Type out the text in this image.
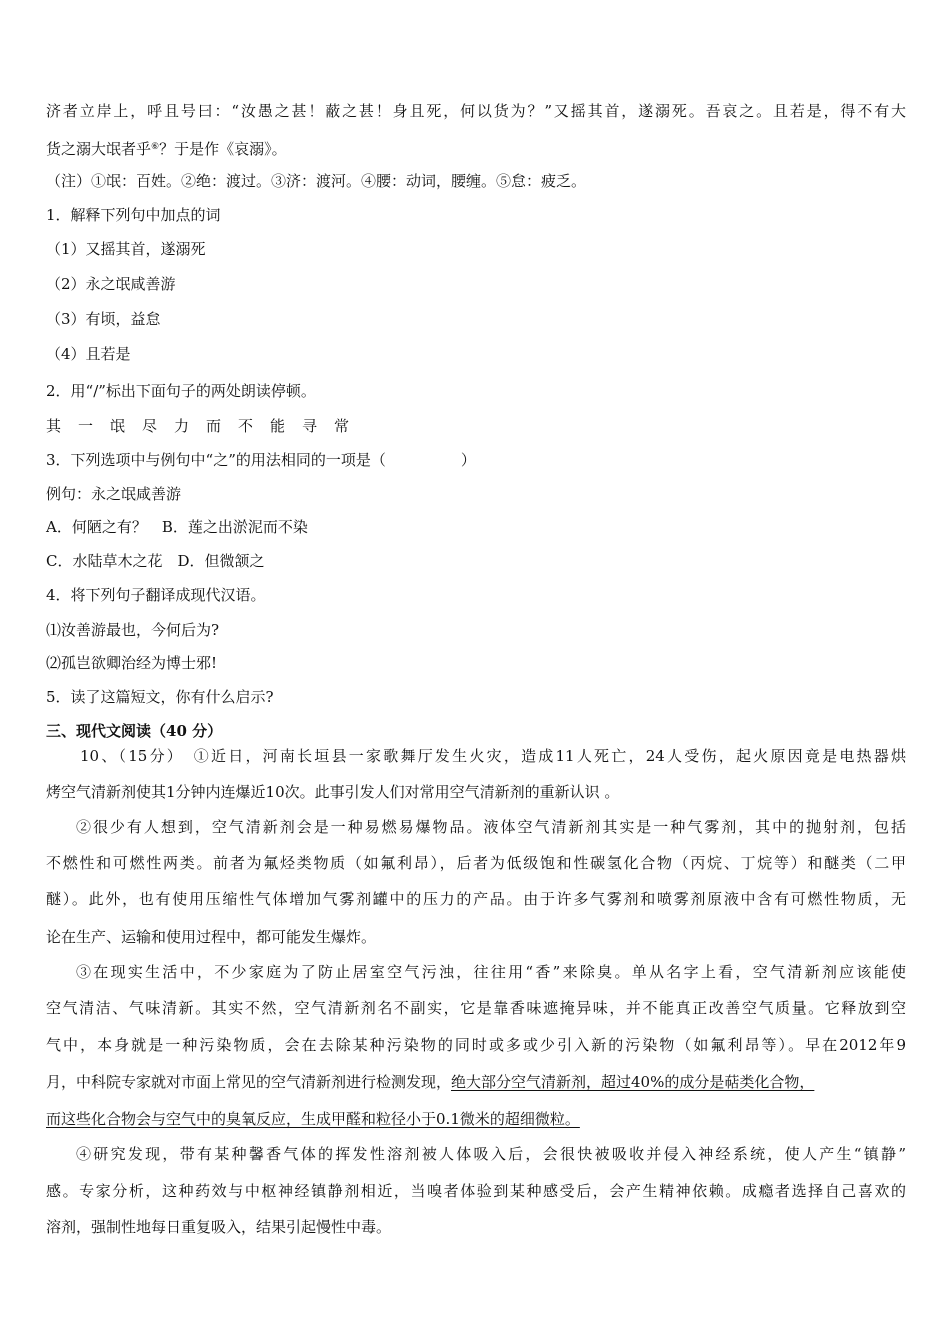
济者立岸上，呼且号曰：“汝愚之甚！蔽之甚！身且死，何以货为？”又摇其首，遂溺死。吾哀之。且若是，得不有大
货之溺大氓者乎⑥？于是作《哀溺》。
（注）①氓：百姓。②绝：渡过。③济：渡河。④腰：动词，腰缠。⑤怠：疲乏。
1．解释下列句中加点的词
（1）又摇其首，遂溺死
（2）永之氓咸善游
（3）有顷，益怠
（4）且若是
2．用“/”标出下面句子的两处朗读停顿。
其一氓尽力而不能寻常
3．下列选项中与例句中“之”的用法相同的一项是（　　　　　）
例句：永之氓咸善游
A．何陋之有？　B．莲之出淤泥而不染
C．水陆草木之花　D．但微颔之
4．将下列句子翻译成现代汉语。
⑴汝善游最也，今何后为?
⑵孤岂欲卿治经为博士邪!
5．读了这篇短文，你有什么启示?
三、现代文阅读（40 分）
10、（15分）　①近日，河南长垣县一家歌舞厅发生火灾，造成11人死亡，24人受伤，起火原因竟是电热器烘
烤空气清新剂使其1分钟内连爆近10次。此事引发人们对常用空气清新剂的重新认识 。
②很少有人想到，空气清新剂会是一种易燃易爆物品。液体空气清新剂其实是一种气雾剂，其中的抛射剂，包括
不燃性和可燃性两类。前者为氟烃类物质（如氟利昂），后者为低级饱和性碳氢化合物（丙烷、丁烷等）和醚类（二甲
醚）。此外，也有使用压缩性气体增加气雾剂罐中的压力的产品。由于许多气雾剂和喷雾剂原液中含有可燃性物质，无
论在生产、运输和使用过程中，都可能发生爆炸。
③在现实生活中，不少家庭为了防止居室空气污浊，往往用“香”来除臭。单从名字上看，空气清新剂应该能使
空气清洁、气味清新。其实不然，空气清新剂名不副实，它是靠香味遮掩异味，并不能真正改善空气质量。它释放到空
气中，本身就是一种污染物质，会在去除某种污染物的同时或多或少引入新的污染物（如氟利昂等）。早在2012年9
月，中科院专家就对市面上常见的空气清新剂进行检测发现，绝大部分空气清新剂，超过40%的成分是萜类化合物，
而这些化合物会与空气中的臭氧反应，生成甲醛和粒径小于0.1微米的超细微粒。
④研究发现，带有某种馨香气体的挥发性溶剂被人体吸入后，会很快被吸收并侵入神经系统，使人产生“镇静”
感。专家分析，这种药效与中枢神经镇静剂相近，当嗅者体验到某种感受后，会产生精神依赖。成瘾者选择自己喜欢的
溶剂，强制性地每日重复吸入，结果引起慢性中毒。
